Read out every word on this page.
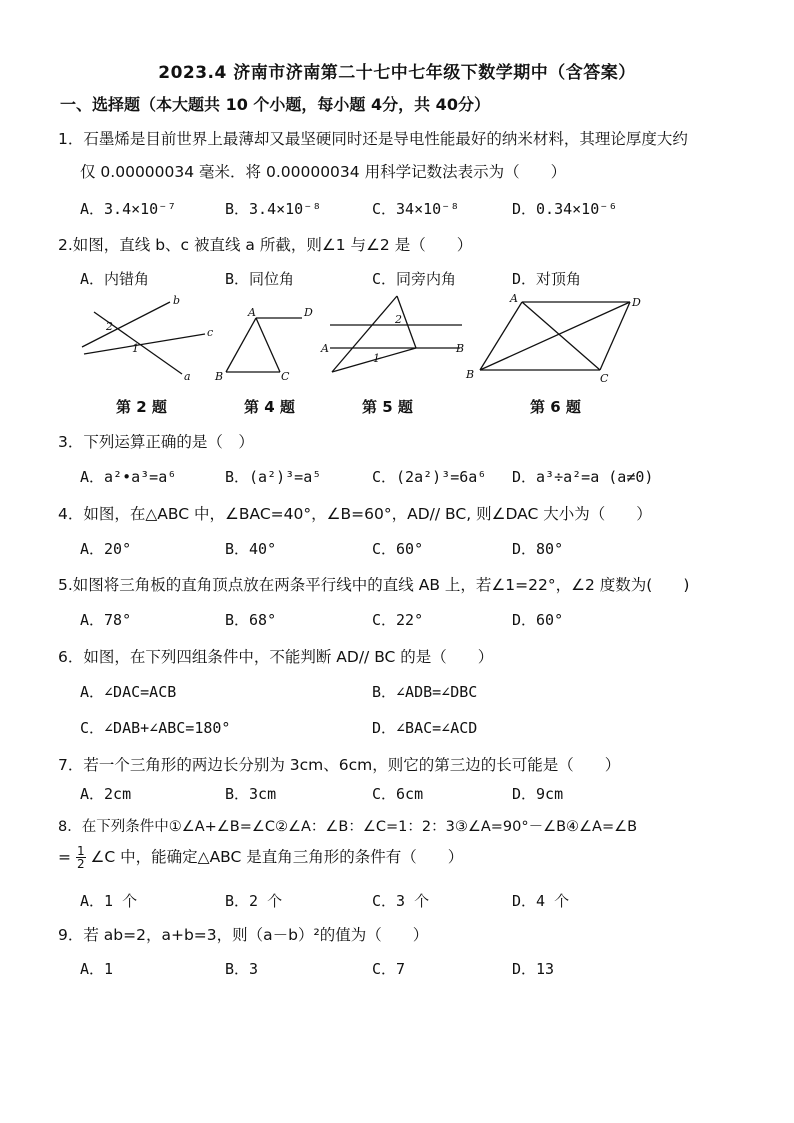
2023.4 济南市济南第二十七中七年级下数学期中（含答案）
一、选择题（本大题共 10 个小题，每小题 4分，共 40分）
1．石墨烯是目前世界上最薄却又最坚硬同时还是导电性能最好的纳米材料，其理论厚度大约
仅 0.00000034 毫米．将 0.00000034 用科学记数法表示为（　　）
A．3.4×10⁻⁷	B．3.4×10⁻⁸	C．34×10⁻⁸	D．0.34×10⁻⁶
2.如图，直线 b、c 被直线 a 所截，则∠1 与∠2 是（　　）
A．内错角	B．同位角	C．同旁内角	D．对顶角
b
2
1
c
a
A	D
B	C
A
2
1
B
A	D
B	C
第 2 题	第 4 题	第 5 题	第 6 题
3．下列运算正确的是（　）
A．a²•a³=a⁶	B．(a²)³=a⁵	C．(2a²)³=6a⁶ D．a³÷a²=a (a≠0)
4．如图，在△ABC 中，∠BAC=40°，∠B=60°，AD// BC, 则∠DAC 大小为（　　）
A．20°	B．40°	C．60°	D．80°
5.如图将三角板的直角顶点放在两条平行线中的直线 AB 上，若∠1=22°，∠2 度数为(　　)
A．78°	B．68°	C．22°	D．60°
6．如图，在下列四组条件中，不能判断 AD// BC 的是（　　）
A．∠DAC=ACB	B．∠ADB=∠DBC
C．∠DAB+∠ABC=180°	D．∠BAC=∠ACD
7．若一个三角形的两边长分别为 3cm、6cm，则它的第三边的长可能是（　　）
A．2cm	B．3cm	C．6cm	D．9cm
8．在下列条件中①∠A+∠B=∠C②∠A：∠B：∠C=1：2：3③∠A=90°－∠B④∠A=∠B
= $\frac{1}{2}$ ∠C 中，能确定△ABC 是直角三角形的条件有（　　）
A．1 个	B．2 个	C．3 个	D．4 个
9．若 ab=2，a+b=3，则（a－b）²的值为（　　）
A．1	B．3	C．7	D．13
